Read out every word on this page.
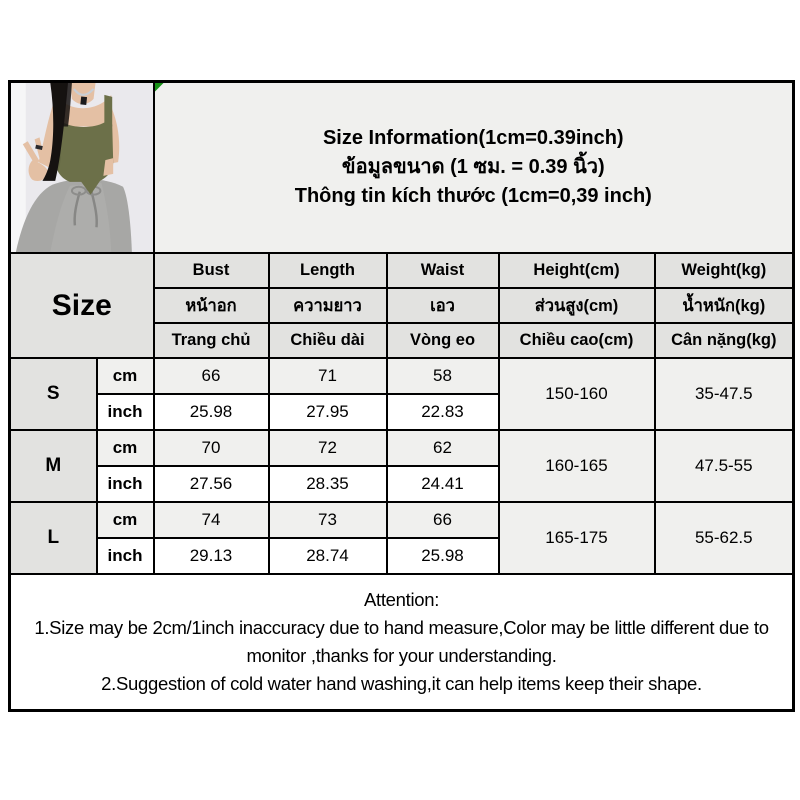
Size Information(1cm=0.39inch)
ข้อมูลขนาด (1 ซม. = 0.39 นิ้ว)
Thông tin kích thước (1cm=0,39 inch)				

Size		Bust	Length	Waist	Height(cm)	Weight(kg)
		หน้าอก	ความยาว	เอว	ส่วนสูง(cm)	น้ำหนัก(kg)
		Trang chủ	Chiều dài	Vòng eo	Chiều cao(cm)	Cân nặng(kg)
S	cm	66	71	58	150-160	35-47.5
	inch	25.98	27.95	22.83		
M	cm	70	72	62	160-165	47.5-55
	inch	27.56	28.35	24.41		
L	cm	74	73	66	165-175	55-62.5
	inch	29.13	28.74	25.98		

Attention:
1.Size may be 2cm/1inch inaccuracy due to hand measure,Color may be little different due to monitor ,thanks for your understanding.
2.Suggestion of cold water hand washing,it can help items keep their shape.						
